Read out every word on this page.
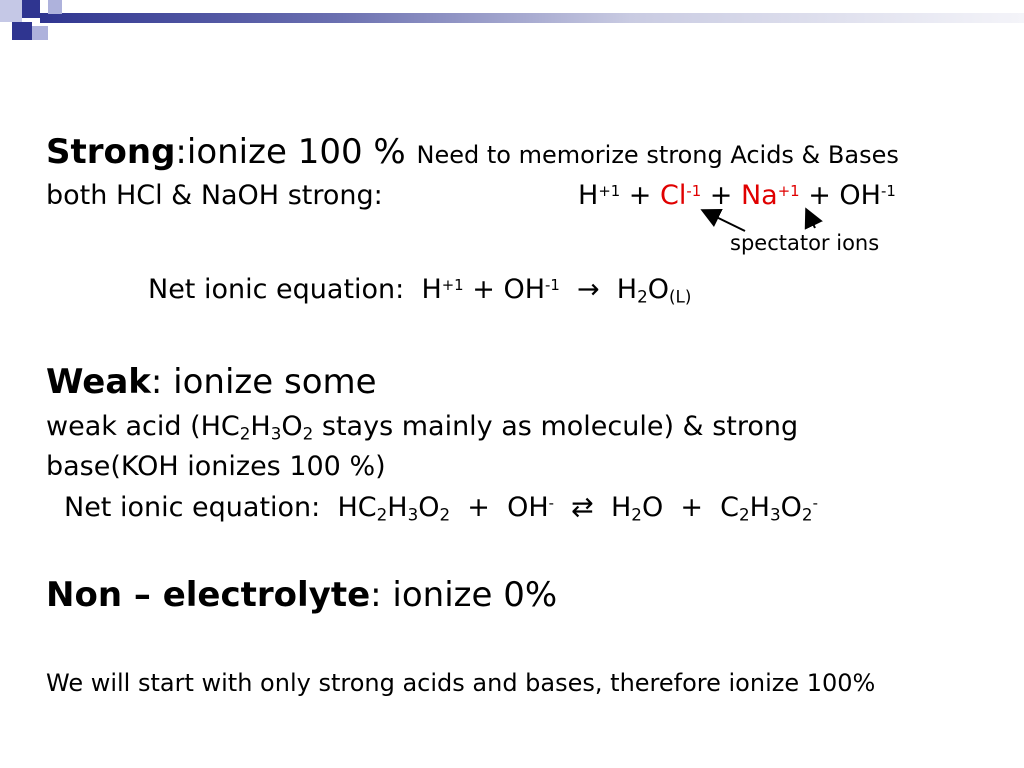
Strong:ionize 100 % Need to memorize strong Acids & Bases
both HCl & NaOH strong:	$H^{+1} + Cl^{-1} + Na^{+1} + OH^{-1}$
spectator ions
Net ionic equation:  $H^{+1} + OH^{-1} \to H_2O_{(L)}$
Weak: ionize some
weak acid ($HC_2H_3O_2$ stays mainly as molecule) & strong
base(KOH ionizes 100 %)
Net ionic equation:  $HC_2H_3O_2 + OH^-$  ⇄  $H_2O + C_2H_3O_2^-$
Non – electrolyte: ionize 0%
We will start with only strong acids and bases, therefore ionize 100%
